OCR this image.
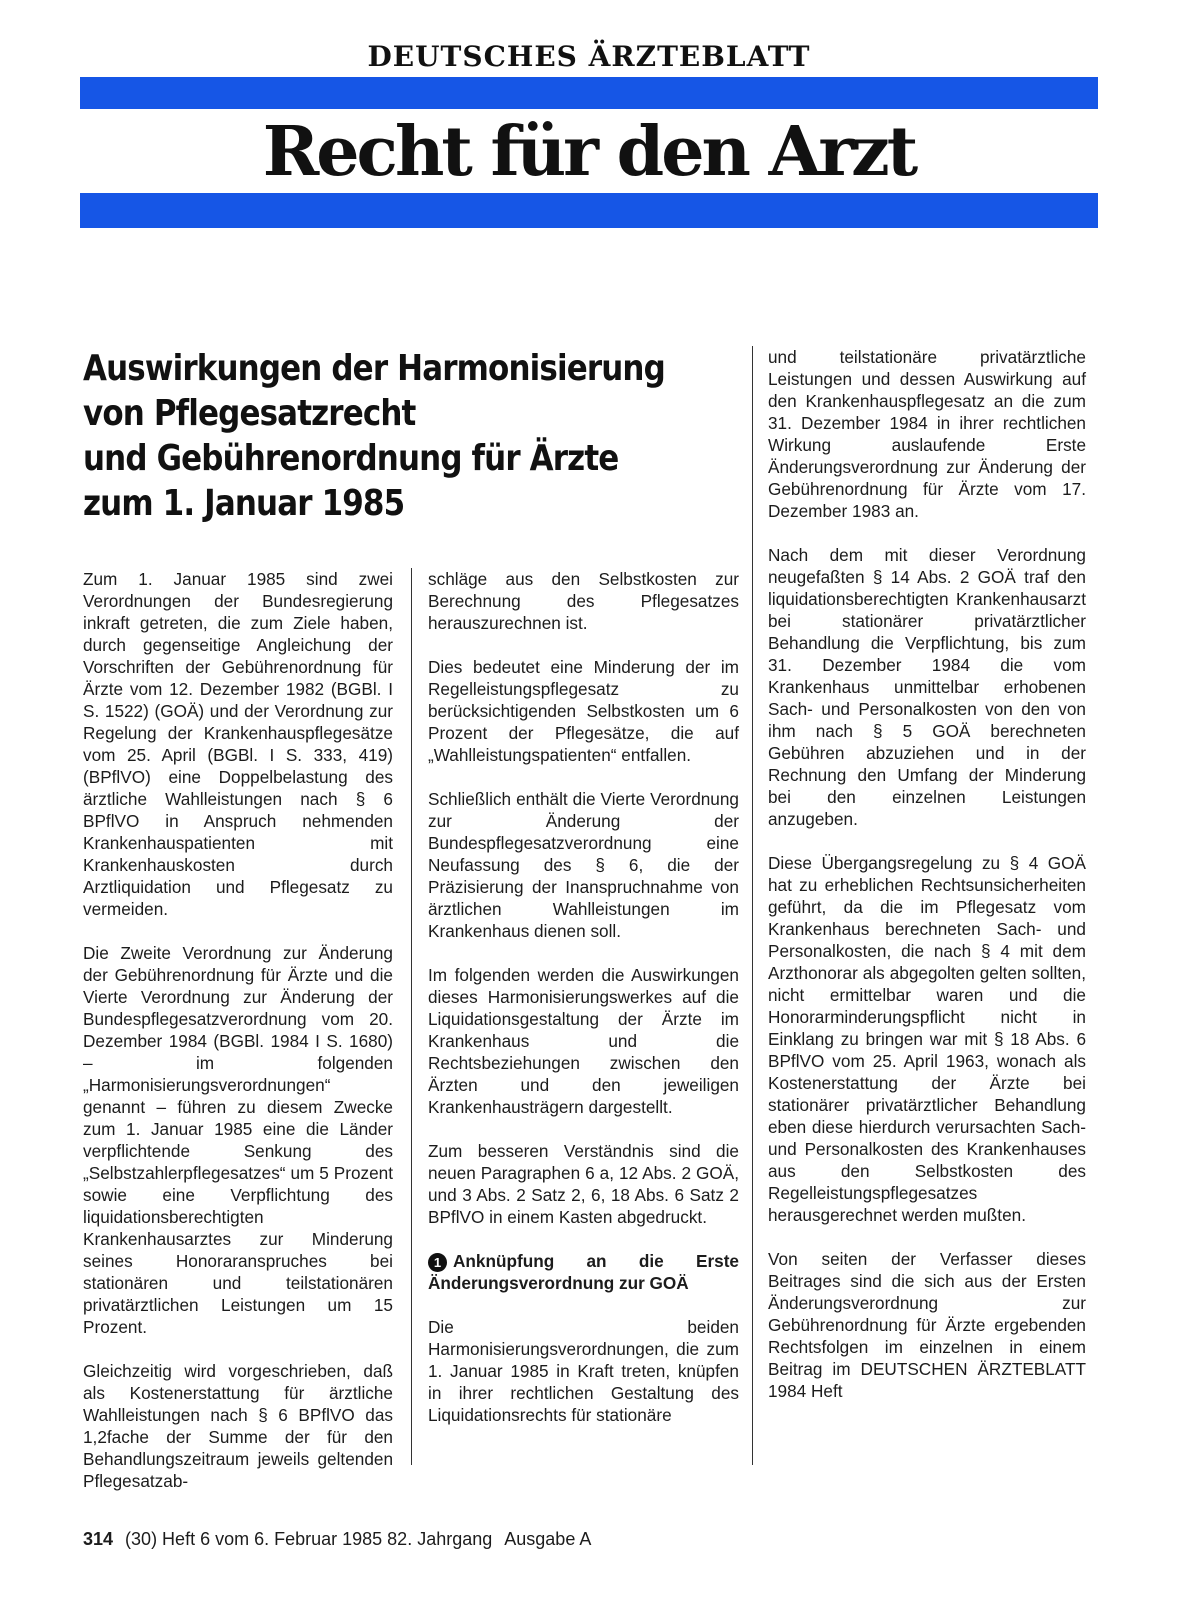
DEUTSCHES ÄRZTEBLATT
Recht für den Arzt
Auswirkungen der Harmonisierung
von Pflegesatzrecht
und Gebührenordnung für Ärzte
zum 1. Januar 1985

Zum 1. Januar 1985 sind zwei Verordnungen der Bundesregierung inkraft getreten, die zum Ziele haben, durch gegenseitige Angleichung der Vorschriften der Gebührenordnung für Ärzte vom 12. Dezember 1982 (BGBl. I S. 1522) (GOÄ) und der Verordnung zur Regelung der Krankenhauspflegesätze vom 25. April (BGBl. I S. 333, 419) (BPflVO) eine Doppelbelastung des ärztliche Wahlleistungen nach § 6 BPflVO in Anspruch nehmenden Krankenhauspatienten mit Krankenhauskosten durch Arztliquidation und Pflegesatz zu vermeiden.

Die Zweite Verordnung zur Änderung der Gebührenordnung für Ärzte und die Vierte Verordnung zur Änderung der Bundespflegesatzverordnung vom 20. Dezember 1984 (BGBl. 1984 I S. 1680) – im folgenden „Harmonisierungsverordnungen“ genannt – führen zu diesem Zwecke zum 1. Januar 1985 eine die Länder verpflichtende Senkung des „Selbstzahlerpflegesatzes“ um 5 Prozent sowie eine Verpflichtung des liquidationsberechtigten Krankenhausarztes zur Minderung seines Honoraranspruches bei stationären und teilstationären privatärztlichen Leistungen um 15 Prozent.

Gleichzeitig wird vorgeschrieben, daß als Kostenerstattung für ärztliche Wahlleistungen nach § 6 BPflVO das 1,2fache der Summe der für den Behandlungszeitraum jeweils geltenden Pflegesatzab-

schläge aus den Selbstkosten zur Berechnung des Pflegesatzes herauszurechnen ist.

Dies bedeutet eine Minderung der im Regelleistungspflegesatz zu berücksichtigenden Selbstkosten um 6 Prozent der Pflegesätze, die auf „Wahlleistungspatienten“ entfallen.

Schließlich enthält die Vierte Verordnung zur Änderung der Bundespflegesatzverordnung eine Neufassung des § 6, die der Präzisierung der Inanspruchnahme von ärztlichen Wahlleistungen im Krankenhaus dienen soll.

Im folgenden werden die Auswirkungen dieses Harmonisierungswerkes auf die Liquidationsgestaltung der Ärzte im Krankenhaus und die Rechtsbeziehungen zwischen den Ärzten und den jeweiligen Krankenhausträgern dargestellt.

Zum besseren Verständnis sind die neuen Paragraphen 6 a, 12 Abs. 2 GOÄ, und 3 Abs. 2 Satz 2, 6, 18 Abs. 6 Satz 2 BPflVO in einem Kasten abgedruckt.

1 Anknüpfung an die Erste Änderungsverordnung zur GOÄ

Die beiden Harmonisierungsverordnungen, die zum 1. Januar 1985 in Kraft treten, knüpfen in ihrer rechtlichen Gestaltung des Liquidationsrechts für stationäre

und teilstationäre privatärztliche Leistungen und dessen Auswirkung auf den Krankenhauspflegesatz an die zum 31. Dezember 1984 in ihrer rechtlichen Wirkung auslaufende Erste Änderungsverordnung zur Änderung der Gebührenordnung für Ärzte vom 17. Dezember 1983 an.

Nach dem mit dieser Verordnung neugefaßten § 14 Abs. 2 GOÄ traf den liquidationsberechtigten Krankenhausarzt bei stationärer privatärztlicher Behandlung die Verpflichtung, bis zum 31. Dezember 1984 die vom Krankenhaus unmittelbar erhobenen Sach- und Personalkosten von den von ihm nach § 5 GOÄ berechneten Gebühren abzuziehen und in der Rechnung den Umfang der Minderung bei den einzelnen Leistungen anzugeben.

Diese Übergangsregelung zu § 4 GOÄ hat zu erheblichen Rechtsunsicherheiten geführt, da die im Pflegesatz vom Krankenhaus berechneten Sach- und Personalkosten, die nach § 4 mit dem Arzthonorar als abgegolten gelten sollten, nicht ermittelbar waren und die Honorarminderungspflicht nicht in Einklang zu bringen war mit § 18 Abs. 6 BPflVO vom 25. April 1963, wonach als Kostenerstattung der Ärzte bei stationärer privatärztlicher Behandlung eben diese hierdurch verursachten Sach- und Personalkosten des Krankenhauses aus den Selbstkosten des Regelleistungspflegesatzes herausgerechnet werden mußten.

Von seiten der Verfasser dieses Beitrages sind die sich aus der Ersten Änderungsverordnung zur Gebührenordnung für Ärzte ergebenden Rechtsfolgen im einzelnen in einem Beitrag im DEUTSCHEN ÄRZTEBLATT 1984 Heft

314 (30) Heft 6 vom 6. Februar 1985 82. Jahrgang Ausgabe A
